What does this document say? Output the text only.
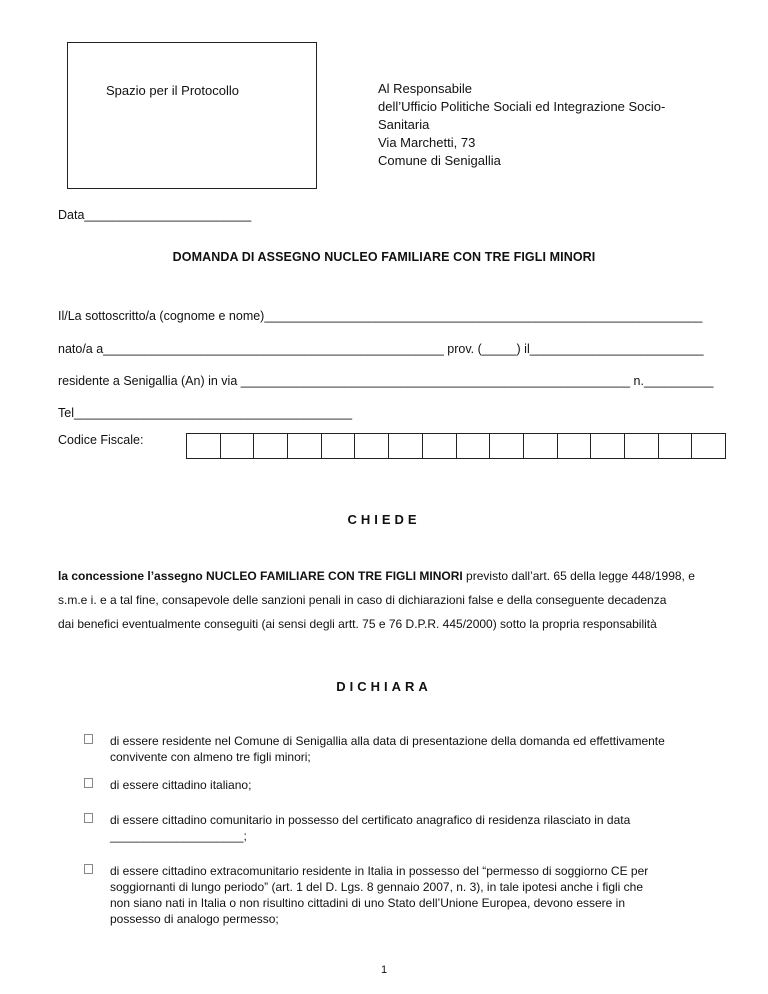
Spazio per il Protocollo	Al Responsabile
dell’Ufficio Politiche Sociali ed Integrazione Socio-
Sanitaria
Via Marchetti, 73
Comune di Senigallia
Data________________________
DOMANDA DI ASSEGNO NUCLEO FAMILIARE CON TRE FIGLI MINORI
Il/La sottoscritto/a (cognome e nome)_______________________________________________________________
nato/a a_________________________________________________ prov. (_____) il_________________________
residente a Senigallia (An) in via ________________________________________________________ n.__________
Tel________________________________________
Codice Fiscale:
CHIEDE

la concessione l’assegno NUCLEO FAMILIARE CON TRE FIGLI MINORI previsto dall’art. 65 della legge 448/1998, e

s.m.e i. e a tal fine, consapevole delle sanzioni penali in caso di dichiarazioni false e della conseguente decadenza

dai benefici eventualmente conseguiti (ai sensi degli artt. 75 e 76 D.P.R. 445/2000) sotto la propria responsabilità

DICHIARA
di essere residente nel Comune di Senigallia alla data di presentazione della domanda ed effettivamente
convivente con almeno tre figli minori;
di essere cittadino italiano;
di essere cittadino comunitario in possesso del certificato anagrafico di residenza rilasciato in data
____________________;
di essere cittadino extracomunitario residente in Italia in possesso del “permesso di soggiorno CE per
soggiornanti di lungo periodo” (art. 1 del D. Lgs. 8 gennaio 2007, n. 3), in tale ipotesi anche i figli che
non siano nati in Italia o non risultino cittadini di uno Stato dell’Unione Europea, devono essere in
possesso di analogo permesso;
1
